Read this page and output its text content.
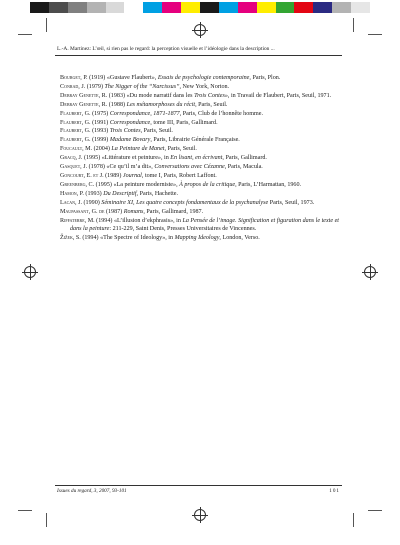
L.-A. Martinez: L’œil, si rien pas le regard: la perception visuelle et l’idéologie dans la description ...

Bourget, P. (1919) «Gustave Flaubert», Essais de psychologie contemporaine, Paris, Plon.

Conrad, J. (1979) The Nigger of the “Narcissus”, New York, Norton.

Debray Genette, R. (1983) «Du mode narratif dans les Trois Contes», in Travail de Flaubert, Paris, Seuil, 1971.

Debray Genette, R. (1988) Les métamorphoses du récit, Paris, Seuil.

Flaubert, G. (1975) Correspondance, 1871-1877, Paris, Club de l’honnête homme.

Flaubert, G. (1991) Correspondance, tome III, Paris, Gallimard.

Flaubert, G. (1993) Trois Contes, Paris, Seuil.

Flaubert, G. (1999) Madame Bovary, Paris, Librairie Générale Française.

Foucault, M. (2004) La Peinture de Manet, Paris, Seuil.

Gracq, J. (1995) «Littérature et peinture», in En lisant, en écrivant, Paris, Gallimard.

Gasquet, J. (1978) «Ce qu’il m’a dit», Conversations avec Cézanne, Paris, Macula.

Goncourt, E. et J. (1989) Journal, tome I, Paris, Robert Laffont.

Greenberg, C. (1995) «La peinture moderniste», À propos de la critique, Paris, L’Harmattan, 1960.

Hamon, P. (1993) Du Descriptif, Paris, Hachette.

Lacan, J. (1990) Séminaire XI, Les quatre concepts fondamentaux de la psychanalyse Paris, Seuil, 1973.

Maupassant, G. de (1987) Romans, Paris, Gallimard, 1987.

Riffaterre, M. (1994) «L’illusion d’ekphrasis», in La Pensée de l’image. Signification et figuration dans le texte et dans la peinture: 211-229, Saint Denis, Presses Universitaires de Vincennes.

Žižek, S. (1994) «The Spectre of Ideology», in Mapping Ideology, London, Verso.

Issues du regard, 3, 2007, 93-101	101
